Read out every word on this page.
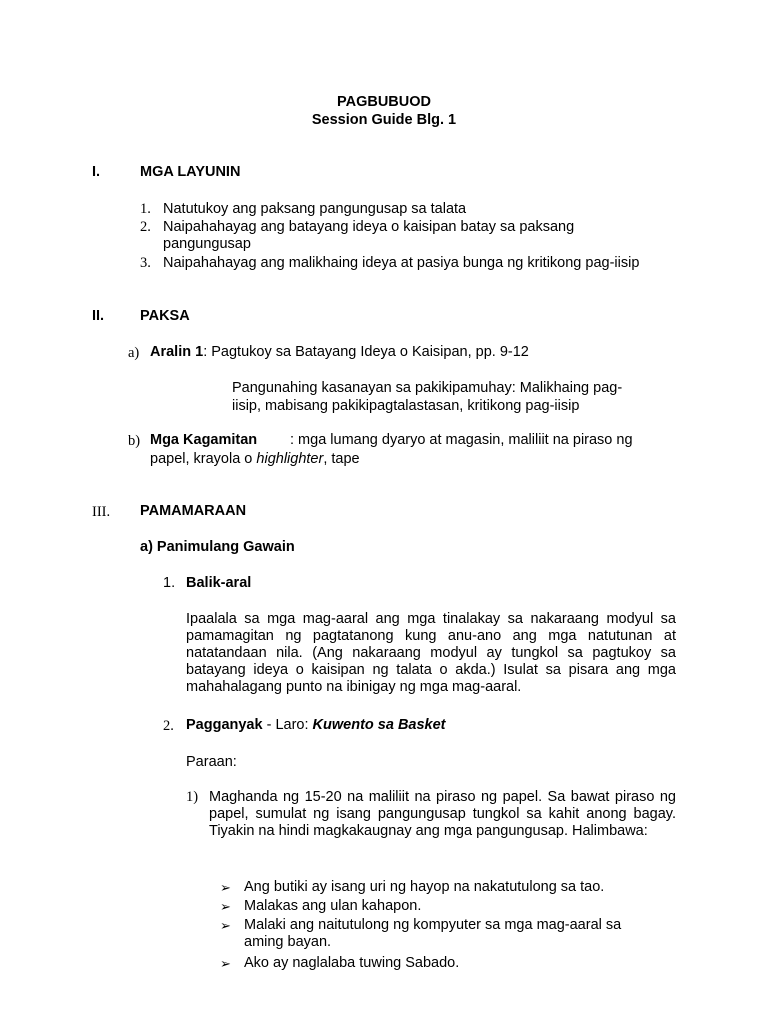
PAGBUBUOD
Session Guide Blg. 1
I.	MGA LAYUNIN
1. Natutukoy ang paksang pangungusap sa talata
2. Naipahahayag ang batayang ideya o kaisipan batay sa paksang
pangungusap
3. Naipahahayag ang malikhaing ideya at pasiya bunga ng kritikong pag-iisip
II. PAKSA
a) Aralin 1: Pagtukoy sa Batayang Ideya o Kaisipan, pp. 9-12
Pangunahing kasanayan sa pakikipamuhay: Malikhaing pag-
iisip, mabisang pakikipagtalastasan, kritikong pag-iisip
b) Mga Kagamitan : mga lumang dyaryo at magasin, maliliit na piraso ng
papel, krayola o highlighter, tape
III. PAMAMARAAN
a) Panimulang Gawain
1. Balik-aral
Ipaalala sa mga mag-aaral ang mga tinalakay sa nakaraang modyul sa pamamagitan ng pagtatanong kung anu-ano ang mga natutunan at natatandaan nila. (Ang nakaraang modyul ay tungkol sa pagtukoy sa batayang ideya o kaisipan ng talata o akda.) Isulat sa pisara ang mga mahahalagang punto na ibinigay ng mga mag-aaral.
2. Pagganyak - Laro: Kuwento sa Basket
Paraan:
1) Maghanda ng 15-20 na maliliit na piraso ng papel. Sa bawat piraso ng papel, sumulat ng isang pangungusap tungkol sa kahit anong bagay. Tiyakin na hindi magkakaugnay ang mga pangungusap. Halimbawa:
➢ Ang butiki ay isang uri ng hayop na nakatutulong sa tao.
➢ Malakas ang ulan kahapon.
➢ Malaki ang naitutulong ng kompyuter sa mga mag-aaral sa
aming bayan.
➢ Ako ay naglalaba tuwing Sabado.
